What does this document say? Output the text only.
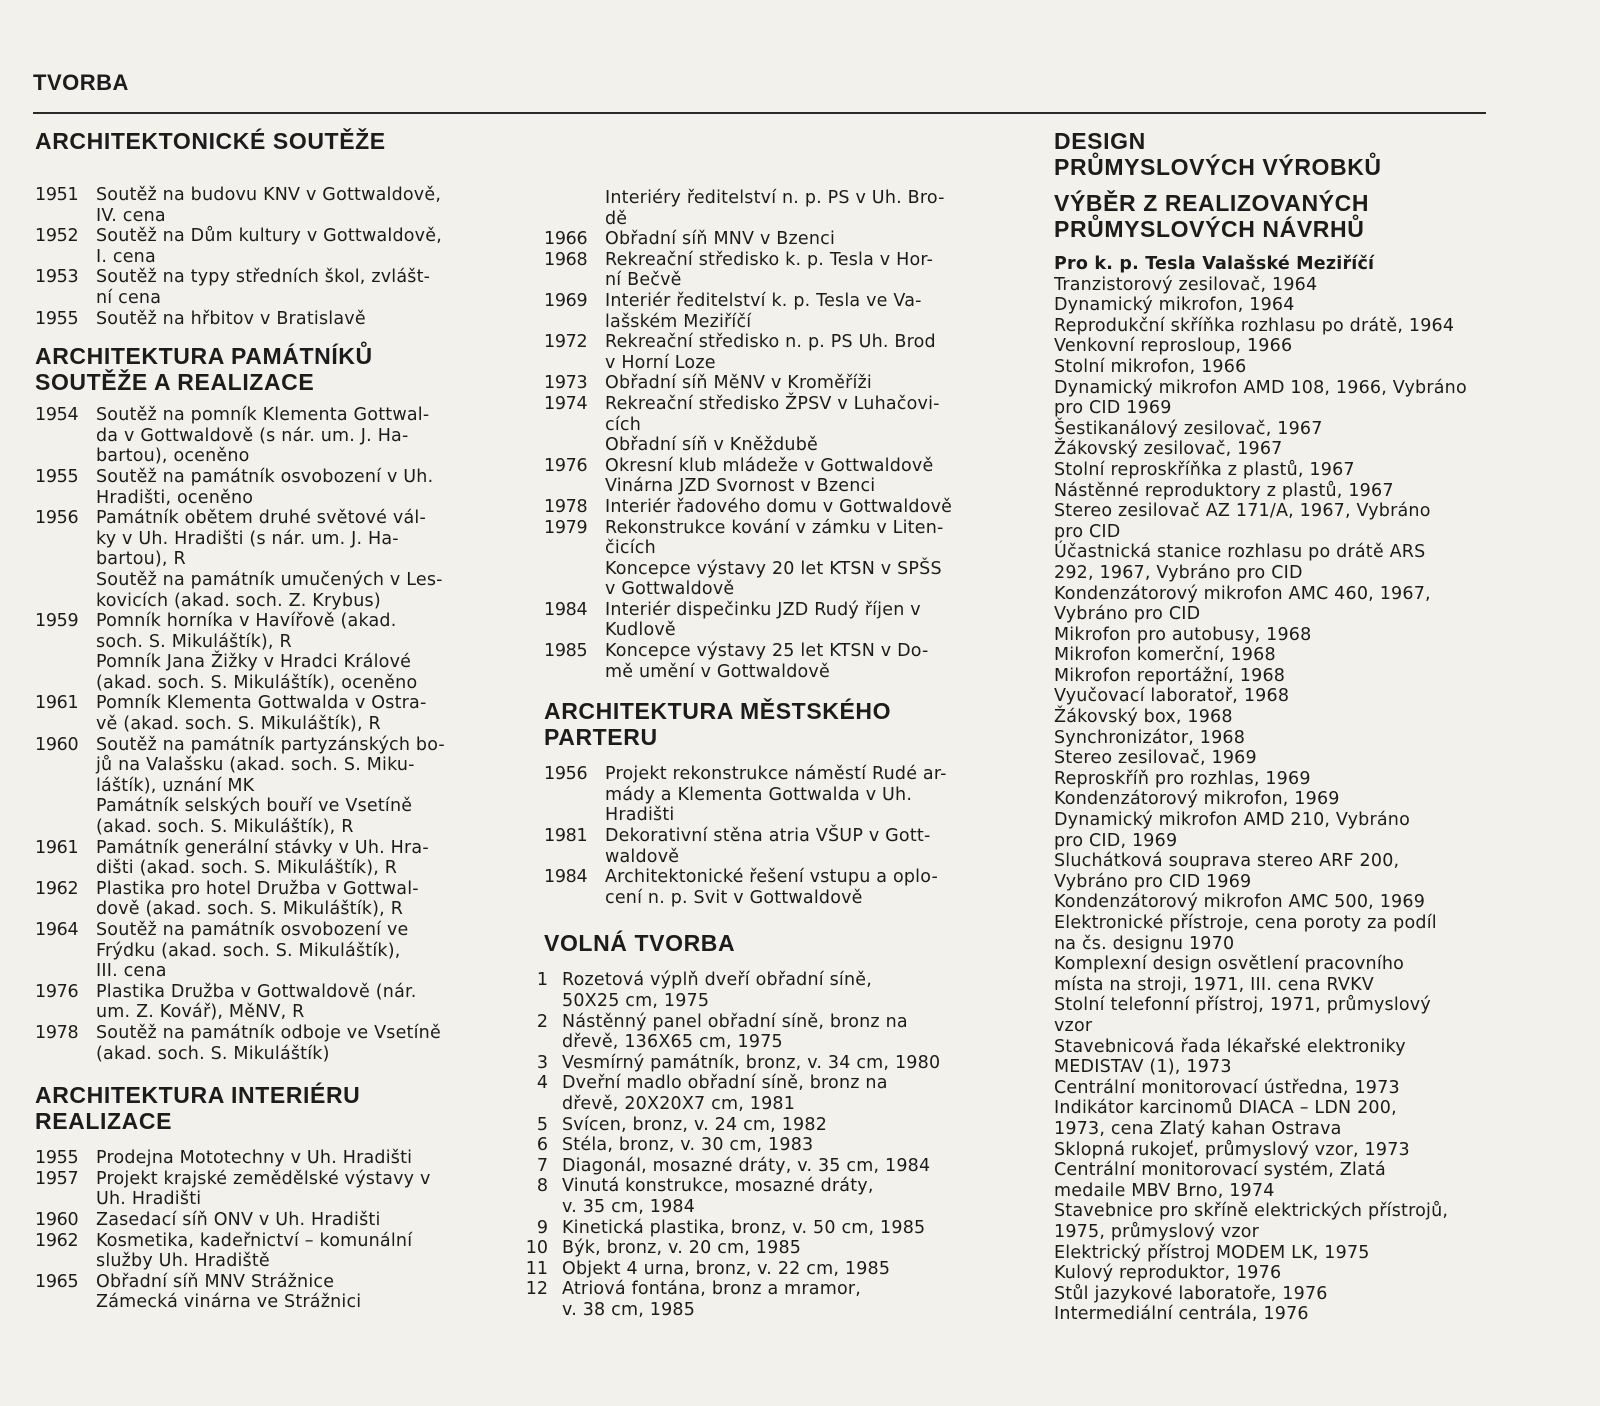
TVORBA
ARCHITEKTONICKÉ SOUTĚŽE
1951	Soutěž na budovu KNV v Gottwaldově,
IV. cena
1952	Soutěž na Dům kultury v Gottwaldově,
I. cena
1953	Soutěž na typy středních škol, zvlášt-
ní cena
1955	Soutěž na hřbitov v Bratislavě
ARCHITEKTURA PAMÁTNÍKŮ
SOUTĚŽE A REALIZACE
1954	Soutěž na pomník Klementa Gottwal-
da v Gottwaldově (s nár. um. J. Ha-
bartou), oceněno
1955	Soutěž na památník osvobození v Uh.
Hradišti, oceněno
1956	Památník obětem druhé světové vál-
ky v Uh. Hradišti (s nár. um. J. Ha-
bartou), R
Soutěž na památník umučených v Les-
kovicích (akad. soch. Z. Krybus)
1959	Pomník horníka v Havířově (akad.
soch. S. Mikuláštík), R
Pomník Jana Žižky v Hradci Králové
(akad. soch. S. Mikuláštík), oceněno
1961	Pomník Klementa Gottwalda v Ostra-
vě (akad. soch. S. Mikuláštík), R
1960	Soutěž na památník partyzánských bo-
jů na Valašsku (akad. soch. S. Miku-
láštík), uznání MK
Památník selských bouří ve Vsetíně
(akad. soch. S. Mikuláštík), R
1961	Památník generální stávky v Uh. Hra-
dišti (akad. soch. S. Mikuláštík), R
1962	Plastika pro hotel Družba v Gottwal-
dově (akad. soch. S. Mikuláštík), R
1964	Soutěž na památník osvobození ve
Frýdku (akad. soch. S. Mikuláštík),
III. cena
1976	Plastika Družba v Gottwaldově (nár.
um. Z. Kovář), MěNV, R
1978	Soutěž na památník odboje ve Vsetíně
(akad. soch. S. Mikuláštík)
ARCHITEKTURA INTERIÉRU
REALIZACE
1955	Prodejna Mototechny v Uh. Hradišti
1957	Projekt krajské zemědělské výstavy v
Uh. Hradišti
1960	Zasedací síň ONV v Uh. Hradišti
1962	Kosmetika, kadeřnictví – komunální
služby Uh. Hradiště
1965	Obřadní síň MNV Strážnice
Zámecká vinárna ve Strážnici
Interiéry ředitelství n. p. PS v Uh. Bro-
dě
1966	Obřadní síň MNV v Bzenci
1968	Rekreační středisko k. p. Tesla v Hor-
ní Bečvě
1969	Interiér ředitelství k. p. Tesla ve Va-
lašském Meziříčí
1972	Rekreační středisko n. p. PS Uh. Brod
v Horní Loze
1973	Obřadní síň MěNV v Kroměříži
1974	Rekreační středisko ŽPSV v Luhačovi-
cích
Obřadní síň v Kněždubě
1976	Okresní klub mládeže v Gottwaldově
Vinárna JZD Svornost v Bzenci
1978	Interiér řadového domu v Gottwaldově
1979	Rekonstrukce kování v zámku v Liten-
čicích
Koncepce výstavy 20 let KTSN v SPŠS
v Gottwaldově
1984	Interiér dispečinku JZD Rudý říjen v
Kudlově
1985	Koncepce výstavy 25 let KTSN v Do-
mě umění v Gottwaldově
ARCHITEKTURA MĚSTSKÉHO
PARTERU
1956	Projekt rekonstrukce náměstí Rudé ar-
mády a Klementa Gottwalda v Uh.
Hradišti
1981	Dekorativní stěna atria VŠUP v Gott-
waldově
1984	Architektonické řešení vstupu a oplo-
cení n. p. Svit v Gottwaldově
VOLNÁ TVORBA
1 Rozetová výplň dveří obřadní síně,
50X25 cm, 1975
2 Nástěnný panel obřadní síně, bronz na
dřevě, 136X65 cm, 1975
3 Vesmírný památník, bronz, v. 34 cm, 1980
4 Dveřní madlo obřadní síně, bronz na
dřevě, 20X20X7 cm, 1981
5 Svícen, bronz, v. 24 cm, 1982
6 Stéla, bronz, v. 30 cm, 1983
7 Diagonál, mosazné dráty, v. 35 cm, 1984
8 Vinutá konstrukce, mosazné dráty,
v. 35 cm, 1984
9 Kinetická plastika, bronz, v. 50 cm, 1985
10 Býk, bronz, v. 20 cm, 1985
11 Objekt 4 urna, bronz, v. 22 cm, 1985
12 Atriová fontána, bronz a mramor,
v. 38 cm, 1985
DESIGN
PRŮMYSLOVÝCH VÝROBKŮ
VÝBĚR Z REALIZOVANÝCH
PRŮMYSLOVÝCH NÁVRHŮ
Pro k. p. Tesla Valašské Meziříčí
Tranzistorový zesilovač, 1964
Dynamický mikrofon, 1964
Reprodukční skříňka rozhlasu po drátě, 1964
Venkovní reprosloup, 1966
Stolní mikrofon, 1966
Dynamický mikrofon AMD 108, 1966, Vybráno
pro CID 1969
Šestikanálový zesilovač, 1967
Žákovský zesilovač, 1967
Stolní reproskříňka z plastů, 1967
Nástěnné reproduktory z plastů, 1967
Stereo zesilovač AZ 171/A, 1967, Vybráno
pro CID
Účastnická stanice rozhlasu po drátě ARS
292, 1967, Vybráno pro CID
Kondenzátorový mikrofon AMC 460, 1967,
Vybráno pro CID
Mikrofon pro autobusy, 1968
Mikrofon komerční, 1968
Mikrofon reportážní, 1968
Vyučovací laboratoř, 1968
Žákovský box, 1968
Synchronizátor, 1968
Stereo zesilovač, 1969
Reproskříň pro rozhlas, 1969
Kondenzátorový mikrofon, 1969
Dynamický mikrofon AMD 210, Vybráno
pro CID, 1969
Sluchátková souprava stereo ARF 200,
Vybráno pro CID 1969
Kondenzátorový mikrofon AMC 500, 1969
Elektronické přístroje, cena poroty za podíl
na čs. designu 1970
Komplexní design osvětlení pracovního
místa na stroji, 1971, III. cena RVKV
Stolní telefonní přístroj, 1971, průmyslový
vzor
Stavebnicová řada lékařské elektroniky
MEDISTAV (1), 1973
Centrální monitorovací ústředna, 1973
Indikátor karcinomů DIACA – LDN 200,
1973, cena Zlatý kahan Ostrava
Sklopná rukojeť, průmyslový vzor, 1973
Centrální monitorovací systém, Zlatá
medaile MBV Brno, 1974
Stavebnice pro skříně elektrických přístrojů,
1975, průmyslový vzor
Elektrický přístroj MODEM LK, 1975
Kulový reproduktor, 1976
Stůl jazykové laboratoře, 1976
Intermediální centrála, 1976
